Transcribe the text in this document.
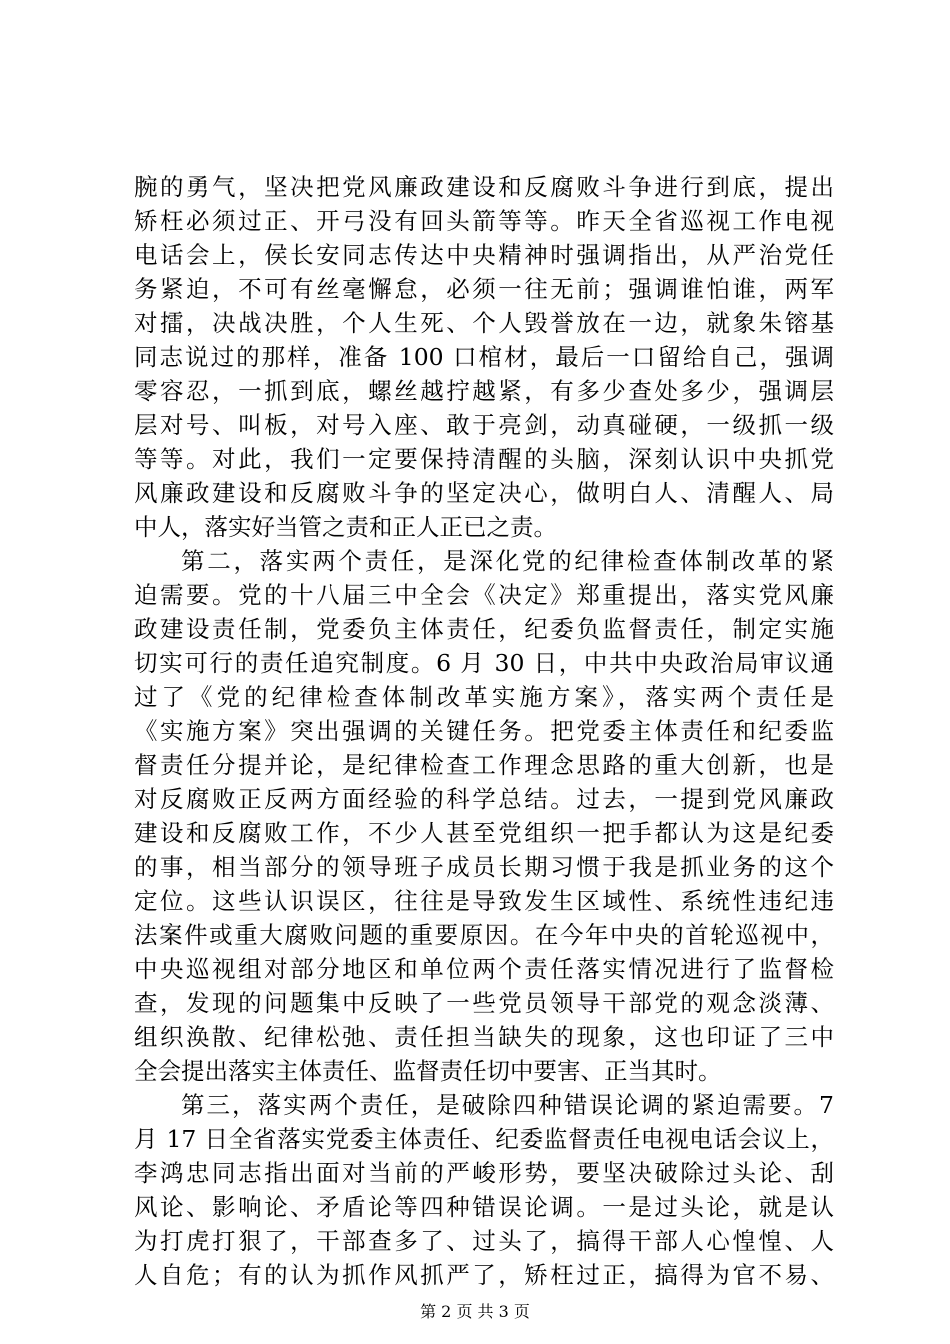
腕的勇气，坚决把党风廉政建设和反腐败斗争进行到底，提出
矫枉必须过正、开弓没有回头箭等等。昨天全省巡视工作电视
电话会上，侯长安同志传达中央精神时强调指出，从严治党任
务紧迫，不可有丝毫懈怠，必须一往无前；强调谁怕谁，两军
对擂，决战决胜，个人生死、个人毁誉放在一边，就象朱镕基
同志说过的那样，准备 100 口棺材，最后一口留给自己，强调
零容忍，一抓到底，螺丝越拧越紧，有多少查处多少，强调层
层对号、叫板，对号入座、敢于亮剑，动真碰硬，一级抓一级
等等。对此，我们一定要保持清醒的头脑，深刻认识中央抓党
风廉政建设和反腐败斗争的坚定决心，做明白人、清醒人、局
中人，落实好当管之责和正人正已之责。
第二，落实两个责任，是深化党的纪律检查体制改革的紧
迫需要。党的十八届三中全会《决定》郑重提出，落实党风廉
政建设责任制，党委负主体责任，纪委负监督责任，制定实施
切实可行的责任追究制度。6 月 30 日，中共中央政治局审议通
过了《党的纪律检查体制改革实施方案》，落实两个责任是
《实施方案》突出强调的关键任务。把党委主体责任和纪委监
督责任分提并论，是纪律检查工作理念思路的重大创新，也是
对反腐败正反两方面经验的科学总结。过去，一提到党风廉政
建设和反腐败工作，不少人甚至党组织一把手都认为这是纪委
的事，相当部分的领导班子成员长期习惯于我是抓业务的这个
定位。这些认识误区，往往是导致发生区域性、系统性违纪违
法案件或重大腐败问题的重要原因。在今年中央的首轮巡视中，
中央巡视组对部分地区和单位两个责任落实情况进行了监督检
查，发现的问题集中反映了一些党员领导干部党的观念淡薄、
组织涣散、纪律松弛、责任担当缺失的现象，这也印证了三中
全会提出落实主体责任、监督责任切中要害、正当其时。
第三，落实两个责任，是破除四种错误论调的紧迫需要。7
月 17 日全省落实党委主体责任、纪委监督责任电视电话会议上，
李鸿忠同志指出面对当前的严峻形势，要坚决破除过头论、刮
风论、影响论、矛盾论等四种错误论调。一是过头论，就是认
为打虎打狠了，干部查多了、过头了，搞得干部人心惶惶、人
人自危；有的认为抓作风抓严了，矫枉过正，搞得为官不易、
第 2 页 共 3 页
